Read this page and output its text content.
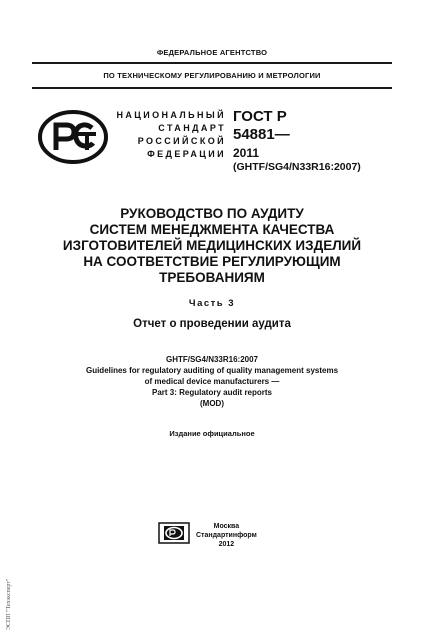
ФЕДЕРАЛЬНОЕ АГЕНТСТВО
ПО ТЕХНИЧЕСКОМУ РЕГУЛИРОВАНИЮ И МЕТРОЛОГИИ
НАЦИОНАЛЬНЫЙ
СТАНДАРТ
РОССИЙСКОЙ
ФЕДЕРАЦИИ
ГОСТ Р
54881—
2011
(GHTF/SG4/N33R16:2007)
РУКОВОДСТВО ПО АУДИТУ
СИСТЕМ МЕНЕДЖМЕНТА КАЧЕСТВА
ИЗГОТОВИТЕЛЕЙ МЕДИЦИНСКИХ ИЗДЕЛИЙ
НА СООТВЕТСТВИЕ РЕГУЛИРУЮЩИМ
ТРЕБОВАНИЯМ
Часть 3
Отчет о проведении аудита
GHTF/SG4/N33R16:2007
Guidelines for regulatory auditing of quality management systems
of medical device manufacturers —
Part 3: Regulatory audit reports
(MOD)
Издание официальное
Москва
Стандартинформ
2012
ЭСПП "Техэксперт"
